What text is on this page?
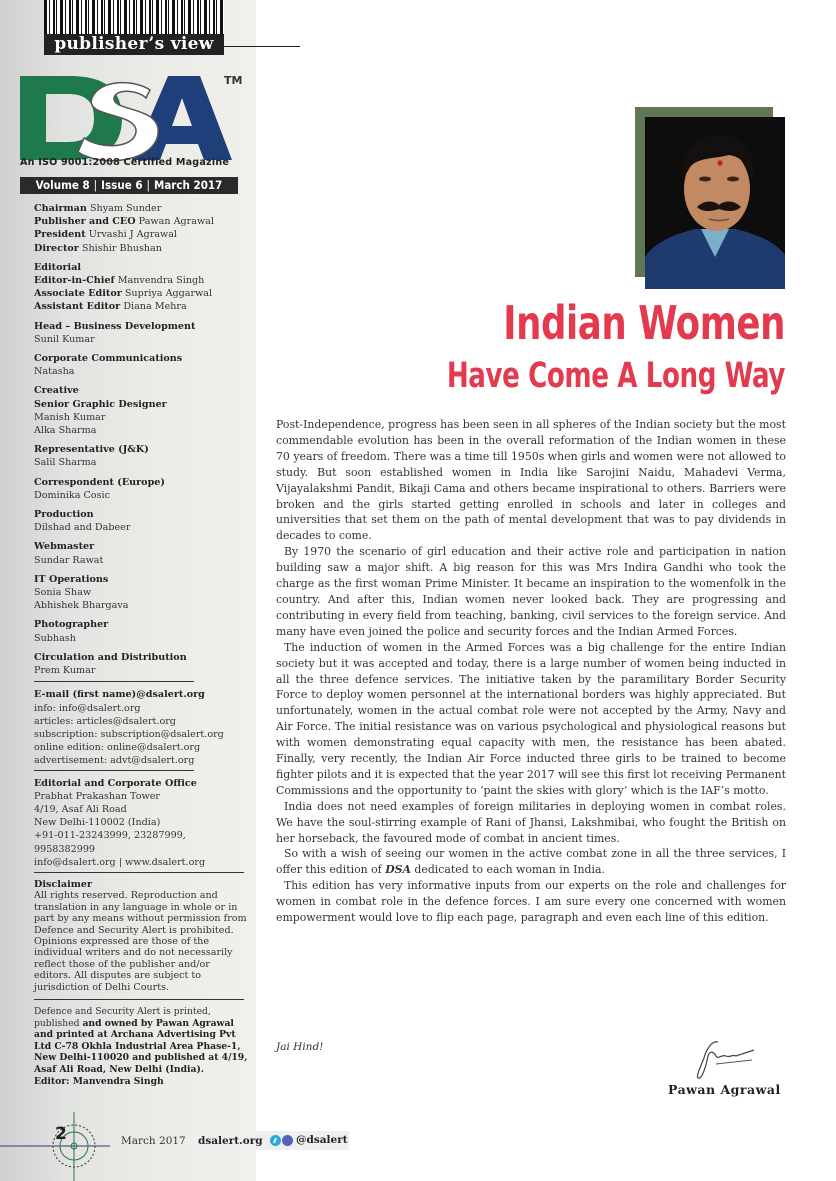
publisher’s view
TM
An ISO 9001:2008 Certified Magazine
Volume 8 | Issue 6 | March 2017
Chairman Shyam Sunder
Publisher and CEO Pawan Agrawal
President Urvashi J Agrawal
Director Shishir Bhushan
Editorial
Editor-in-Chief Manvendra Singh
Associate Editor Supriya Aggarwal
Assistant Editor Diana Mehra
Head – Business Development
Sunil Kumar
Corporate Communications
Natasha
Creative
Senior Graphic Designer
Manish Kumar
Alka Sharma
Representative (J&K)
Salil Sharma
Correspondent (Europe)
Dominika Cosic
Production
Dilshad and Dabeer
Webmaster
Sundar Rawat
IT Operations
Sonia Shaw
Abhishek Bhargava
Photographer
Subhash
Circulation and Distribution
Prem Kumar
E-mail (first name)@dsalert.org
info: info@dsalert.org
articles: articles@dsalert.org
subscription: subscription@dsalert.org
online edition: online@dsalert.org
advertisement: advt@dsalert.org
Editorial and Corporate Office
Prabhat Prakashan Tower
4/19, Asaf Ali Road
New Delhi-110002 (India)
+91-011-23243999, 23287999,
9958382999
info@dsalert.org | www.dsalert.org
Disclaimer
All rights reserved. Reproduction and translation in any language in whole or in part by any means without permission from Defence and Security Alert is prohibited. Opinions expressed are those of the individual writers and do not necessarily reflect those of the publisher and/or editors. All disputes are subject to jurisdiction of Delhi Courts.
Defence and Security Alert is printed, published and owned by Pawan Agrawal and printed at Archana Advertising Pvt Ltd C-78 Okhla Industrial Area Phase-1, New Delhi-110020 and published at 4/19, Asaf Ali Road, New Delhi (India).
Editor: Manvendra Singh
2	March 2017 dsalert.org	@dsalert
Indian Women
Have Come A Long Way

Post-Independence, progress has been seen in all spheres of the Indian society but the most commendable evolution has been in the overall reformation of the Indian women in these 70 years of freedom. There was a time till 1950s when girls and women were not allowed to study. But soon established women in India like Sarojini Naidu, Mahadevi Verma, Vijayalakshmi Pandit, Bikaji Cama and others became inspirational to others. Barriers were broken and the girls started getting enrolled in schools and later in colleges and universities that set them on the path of mental development that was to pay dividends in decades to come.

By 1970 the scenario of girl education and their active role and participation in nation building saw a major shift. A big reason for this was Mrs Indira Gandhi who took the charge as the first woman Prime Minister. It became an inspiration to the womenfolk in the country. And after this, Indian women never looked back. They are progressing and contributing in every field from teaching, banking, civil services to the foreign service. And many have even joined the police and security forces and the Indian Armed Forces.

The induction of women in the Armed Forces was a big challenge for the entire Indian society but it was accepted and today, there is a large number of women being inducted in all the three defence services. The initiative taken by the paramilitary Border Security Force to deploy women personnel at the international borders was highly appreciated. But unfortunately, women in the actual combat role were not accepted by the Army, Navy and Air Force. The initial resistance was on various psychological and physiological reasons but with women demonstrating equal capacity with men, the resistance has been abated. Finally, very recently, the Indian Air Force inducted three girls to be trained to become fighter pilots and it is expected that the year 2017 will see this first lot receiving Permanent Commissions and the opportunity to ‘paint the skies with glory’ which is the IAF’s motto.

India does not need examples of foreign militaries in deploying women in combat roles. We have the soul-stirring example of Rani of Jhansi, Lakshmibai, who fought the British on her horseback, the favoured mode of combat in ancient times.

So with a wish of seeing our women in the active combat zone in all the three services, I offer this edition of DSA dedicated to each woman in India.

This edition has very informative inputs from our experts on the role and challenges for women in combat role in the defence forces. I am sure every one concerned with women empowerment would love to flip each page, paragraph and even each line of this edition.

Jai Hind!
Pawan Agrawal
